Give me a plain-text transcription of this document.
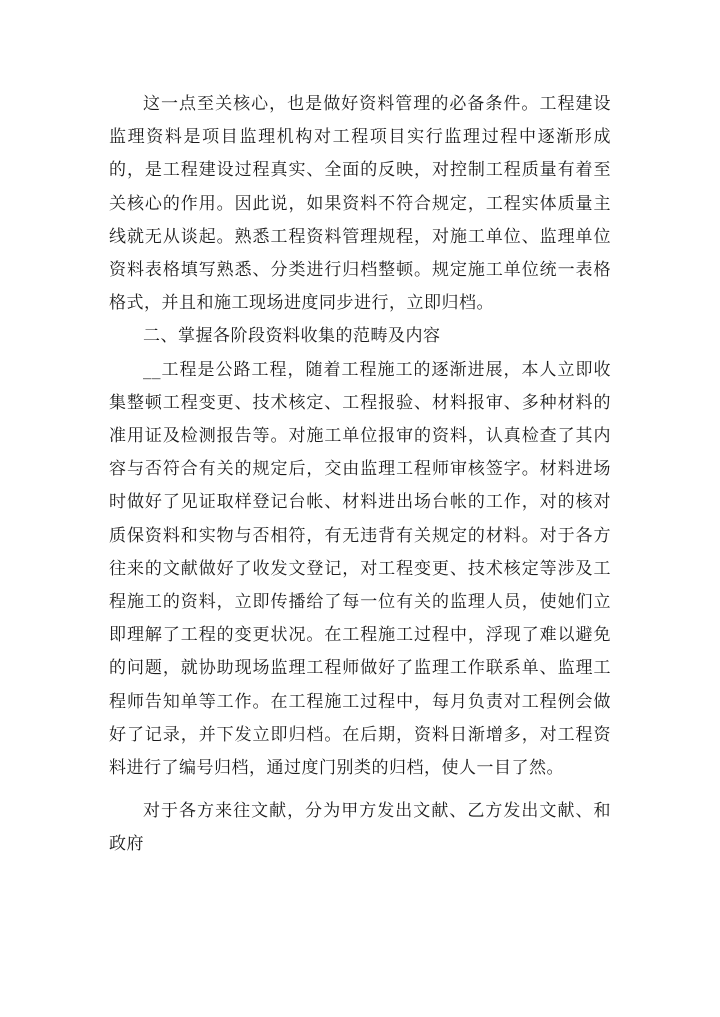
这一点至关核心，也是做好资料管理的必备条件。工程建设监理资料是项目监理机构对工程项目实行监理过程中逐渐形成的，是工程建设过程真实、全面的反映，对控制工程质量有着至关核心的作用。因此说，如果资料不符合规定，工程实体质量主线就无从谈起。熟悉工程资料管理规程，对施工单位、监理单位资料表格填写熟悉、分类进行归档整顿。规定施工单位统一表格格式，并且和施工现场进度同步进行，立即归档。

二、掌握各阶段资料收集的范畴及内容

__工程是公路工程，随着工程施工的逐渐进展，本人立即收集整顿工程变更、技术核定、工程报验、材料报审、多种材料的准用证及检测报告等。对施工单位报审的资料，认真检查了其内容与否符合有关的规定后，交由监理工程师审核签字。材料进场时做好了见证取样登记台帐、材料进出场台帐的工作，对的核对质保资料和实物与否相符，有无违背有关规定的材料。对于各方往来的文献做好了收发文登记，对工程变更、技术核定等涉及工程施工的资料，立即传播给了每一位有关的监理人员，使她们立即理解了工程的变更状况。在工程施工过程中，浮现了难以避免的问题，就协助现场监理工程师做好了监理工作联系单、监理工程师告知单等工作。在工程施工过程中，每月负责对工程例会做好了记录，并下发立即归档。在后期，资料日渐增多，对工程资料进行了编号归档，通过度门别类的归档，使人一目了然。

对于各方来往文献，分为甲方发出文献、乙方发出文献、和政府
